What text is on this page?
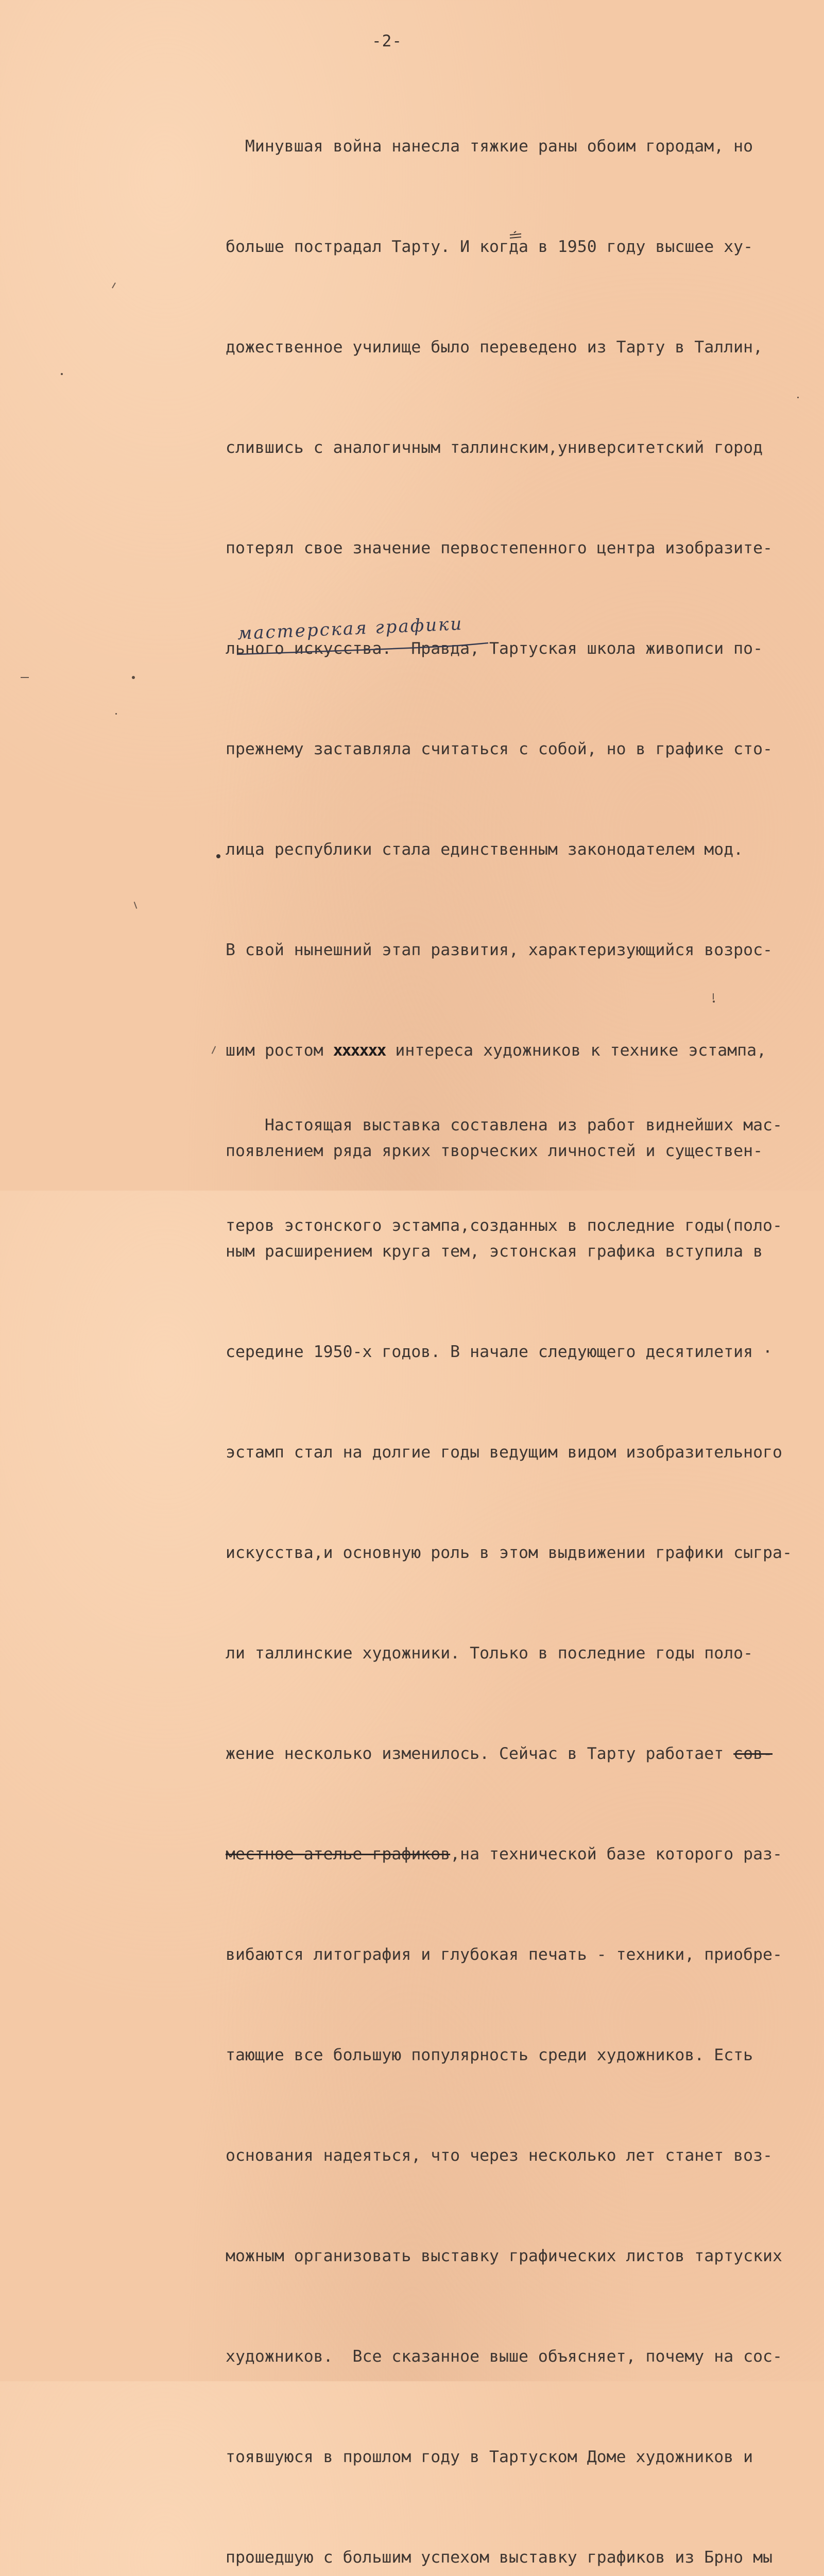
-2-

Минувшая война нанесла тяжкие раны обоим городам, но

больше пострадал Тарту. И когда в 1950 году высшее ху-

дожественное училище было переведено из Тарту в Таллин,

слившись с аналогичным таллинским,университетский город

потерял свое значение первостепенного центра изобразите-

льного искусства.  Правда, Тартуская школа живописи по-

прежнему заставляла считаться с собой, но в графике сто-

лица республики стала единственным законодателем мод.

В свой нынешний этап развития, характеризующийся возрос-

шим ростом хххххх интереса художников к технике эстампа,

появлением ряда ярких творческих личностей и существен-

ным расширением круга тем, эстонская графика вступила в

середине 1950-х годов. В начале следующего десятилетия ·

эстамп стал на долгие годы ведущим видом изобразительного

искусства,и основную роль в этом выдвижении графики сыгра-

ли таллинские художники. Только в последние годы поло-

жение несколько изменилось. Сейчас в Тарту работает сов-

местное ателье графиков,на технической базе которого раз-

вибаются литография и глубокая печать - техники, приобре-

тающие все большую популярность среди художников. Есть

основания надеяться, что через несколько лет станет воз-

можным организовать выставку графических листов тартуских

художников.  Все сказанное выше объясняет, почему на сос-

тоявшуюся в прошлом году в Тартуском Доме художников и

прошедшую с большим успехом выставку графиков из Брно мы

Настоящая выставка составлена из работ виднейших мас-

теров эстонского эстампа,созданных в последние годы(поло-

мастерская графики
